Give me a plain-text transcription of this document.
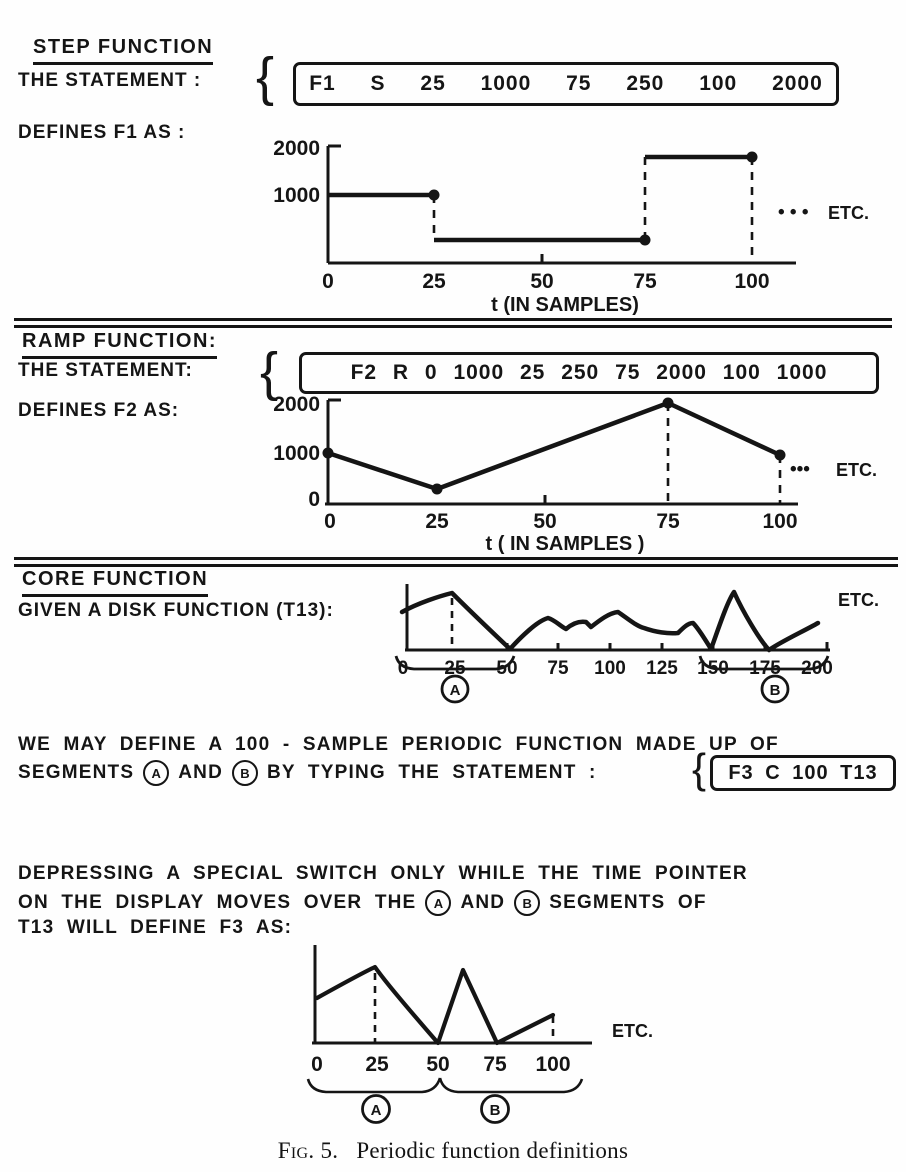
STEP FUNCTION
THE STATEMENT : {	F1 S 25 1000 75 250 100 2000
DEFINES F1 AS :
2000
1000
0	25	50	75	100
t (IN SAMPLES)
• • • ETC.
RAMP FUNCTION:
THE STATEMENT: {	F2 R 0 1000 25 250 75 2000 100 1000
DEFINES F2 AS:	2000
1000
0
0	25	50	75	100
t ( IN SAMPLES )
••• ETC.
CORE FUNCTION
GIVEN A DISK FUNCTION (T13):
0 25 50 75 100 125 150 175 200
A	B
ETC.
WE MAY DEFINE A 100 - SAMPLE PERIODIC FUNCTION MADE UP OF
SEGMENTS A AND B BY TYPING THE STATEMENT : {	F3 C 100 T13
DEPRESSING A SPECIAL SWITCH ONLY WHILE THE TIME POINTER
ON THE DISPLAY MOVES OVER THE A AND B SEGMENTS OF
T13 WILL DEFINE F3 AS:
0 25 50 75 100
A	B
ETC.
Fig. 5. Periodic function definitions
